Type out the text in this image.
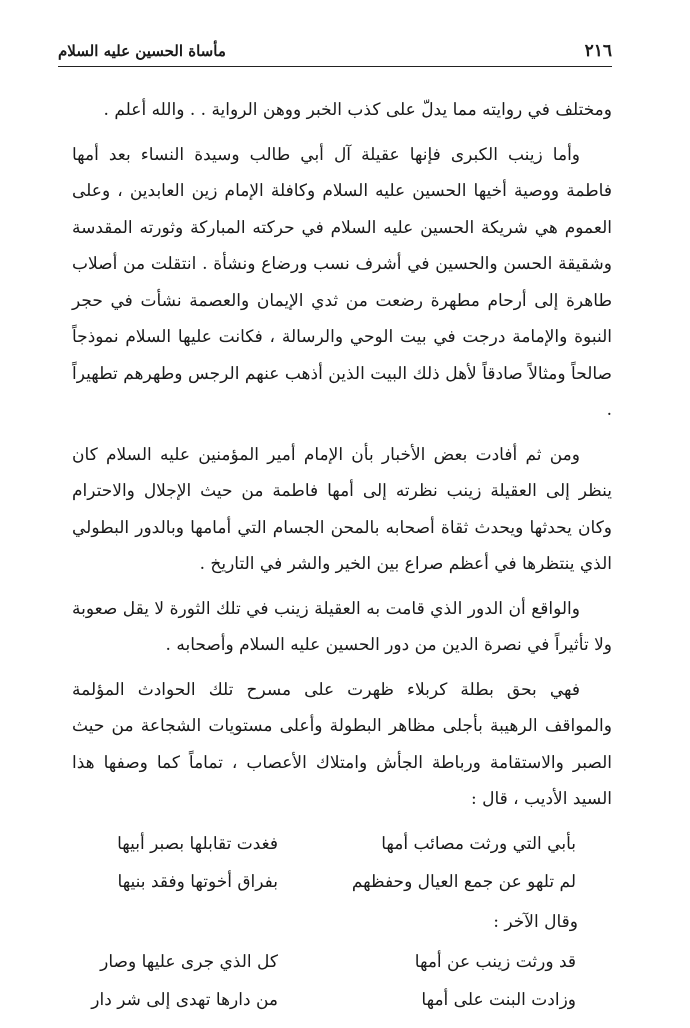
٢١٦
مأساة الحسين عليه السلام

ومختلف في روايته مما يدلّ على كذب الخبر ووهن الرواية . . والله أعلم .

وأما زينب الكبرى فإنها عقيلة آل أبي طالب وسيدة النساء بعد أمها فاطمة ووصية أخيها الحسين عليه السلام وكافلة الإمام زين العابدين ، وعلى العموم هي شريكة الحسين عليه السلام في حركته المباركة وثورته المقدسة وشقيقة الحسن والحسين في أشرف نسب ورضاع ونشأة . انتقلت من أصلاب طاهرة إلى أرحام مطهرة رضعت من ثدي الإيمان والعصمة نشأت في حجر النبوة والإمامة درجت في بيت الوحي والرسالة ، فكانت عليها السلام نموذجاً صالحاً ومثالاً صادقاً لأهل ذلك البيت الذين أذهب عنهم الرجس وطهرهم تطهيراً .

ومن ثم أفادت بعض الأخبار بأن الإمام أمير المؤمنين عليه السلام كان ينظر إلى العقيلة زينب نظرته إلى أمها فاطمة من حيث الإجلال والاحترام وكان يحدثها ويحدث ثقاة أصحابه بالمحن الجسام التي أمامها وبالدور البطولي الذي ينتظرها في أعظم صراع بين الخير والشر في التاريخ .

والواقع أن الدور الذي قامت به العقيلة زينب في تلك الثورة لا يقل صعوبة ولا تأثيراً في نصرة الدين من دور الحسين عليه السلام وأصحابه .

فهي بحق بطلة كربلاء ظهرت على مسرح تلك الحوادث المؤلمة والمواقف الرهيبة بأجلى مظاهر البطولة وأعلى مستويات الشجاعة من حيث الصبر والاستقامة ورباطة الجأش وامتلاك الأعصاب ، تماماً كما وصفها هذا السيد الأديب ، قال :

بأبي التي ورثت مصائب أمها
فغدت تقابلها بصبر أبيها
لم تلهو عن جمع العيال وحفظهم
بفراق أخوتها وفقد بنيها
وقال الآخر :
قد ورثت زينب عن أمها
كل الذي جرى عليها وصار
وزادت البنت على أمها
من دارها تهدى إلى شر دار
